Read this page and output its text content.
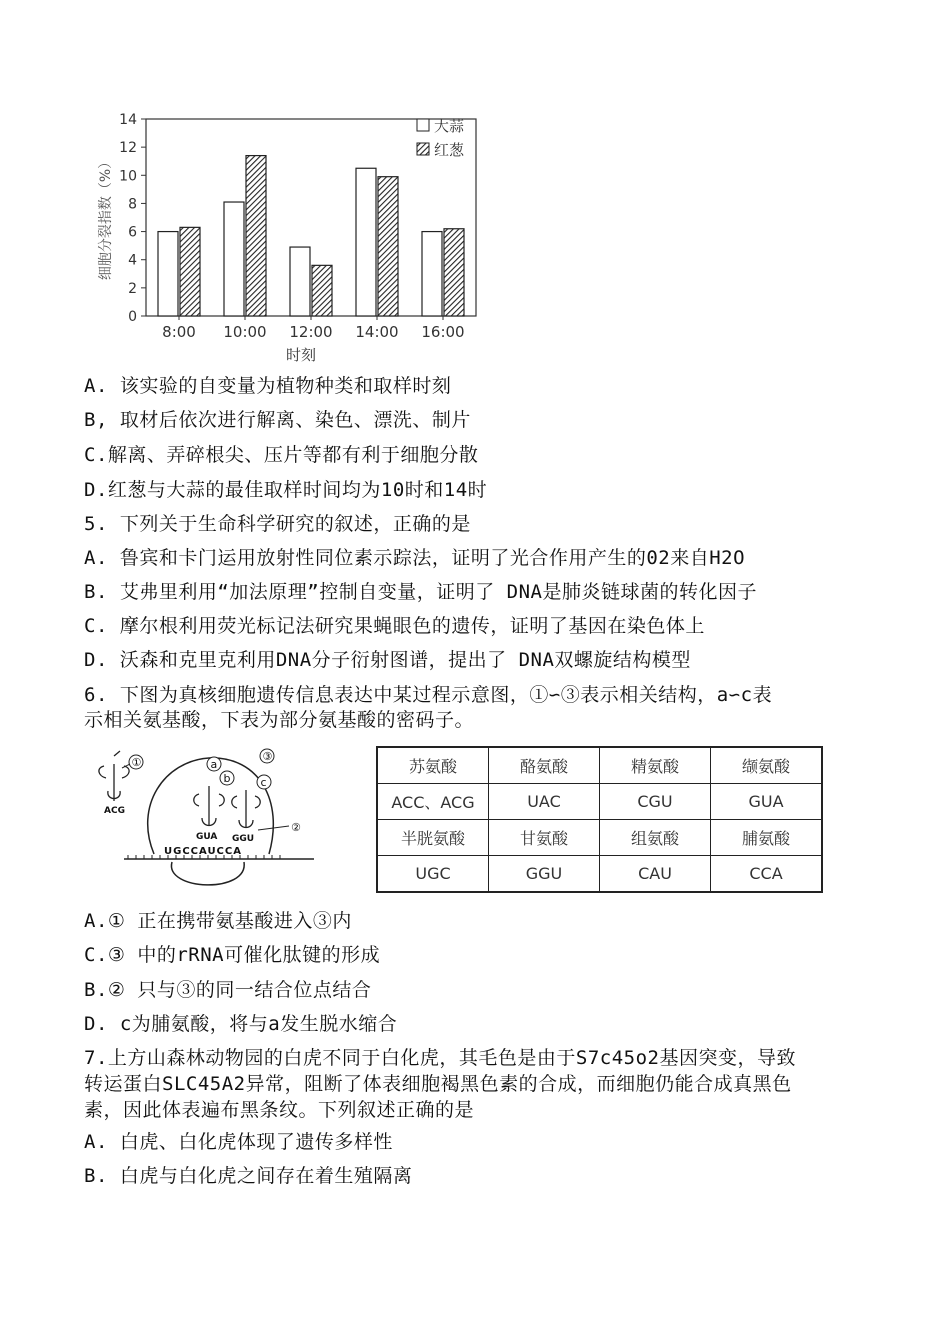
0
2
4
6
8
10
12
14
细胞分裂指数（%）
8:00 10:00 12:00 14:00 16:00
时刻
大蒜
红葱
A. 该实验的自变量为植物种类和取样时刻
B, 取材后依次进行解离、染色、漂洗、制片
C.解离、弄碎根尖、压片等都有利于细胞分散
D.红葱与大蒜的最佳取样时间均为10时和14时
5. 下列关于生命科学研究的叙述，正确的是
A. 鲁宾和卡门运用放射性同位素示踪法，证明了光合作用产生的02来自H2O
B. 艾弗里利用“加法原理”控制自变量，证明了 DNA是肺炎链球菌的转化因子
C. 摩尔根利用荧光标记法研究果蝇眼色的遗传，证明了基因在染色体上
D. 沃森和克里克利用DNA分子衍射图谱，提出了 DNA双螺旋结构模型
6. 下图为真核细胞遗传信息表达中某过程示意图，①∽③表示相关结构，a∽c表
示相关氨基酸，下表为部分氨基酸的密码子。
①	a
b	c
③
②
ACG
GUA GGU
UGCCAUCCA
苏氨酸	酪氨酸	精氨酸	缬氨酸
ACC、ACG	UAC	CGU	GUA
半胱氨酸	甘氨酸	组氨酸	脯氨酸
UGC	GGU	CAU	CCA
A.① 正在携带氨基酸进入③内
C.③ 中的rRNA可催化肽键的形成
B.② 只与③的同一结合位点结合
D. c为脯氨酸，将与a发生脱水缩合
7.上方山森林动物园的白虎不同于白化虎，其毛色是由于S7c45o2基因突变，导致
转运蛋白SLC45A2异常，阻断了体表细胞褐黑色素的合成，而细胞仍能合成真黑色
素，因此体表遍布黑条纹。下列叙述正确的是
A. 白虎、白化虎体现了遗传多样性
B. 白虎与白化虎之间存在着生殖隔离
